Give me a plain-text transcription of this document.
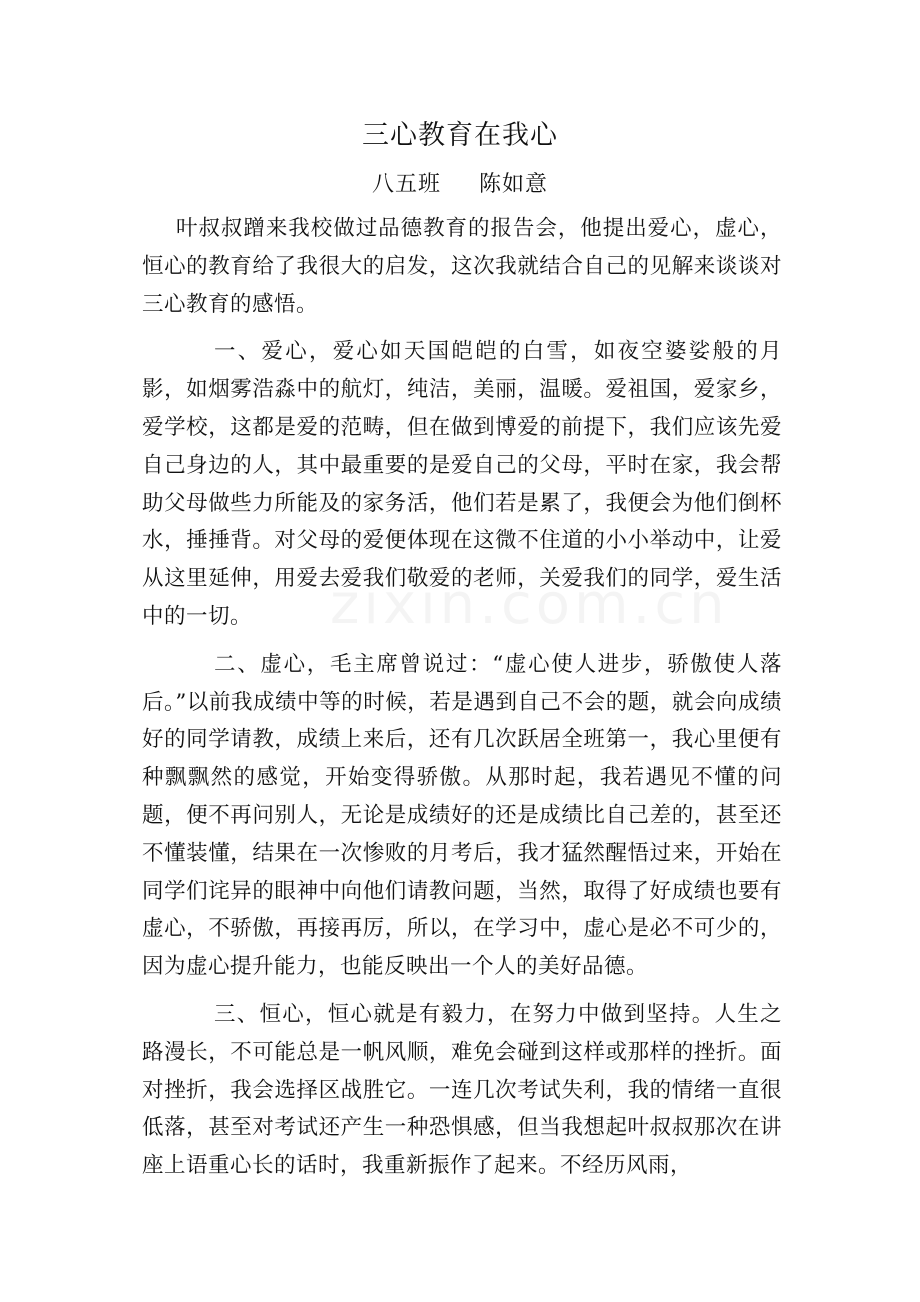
三心教育在我心
八五班 陈如意

叶叔叔蹭来我校做过品德教育的报告会，他提出爱心，虚心，恒心的教育给了我很大的启发，这次我就结合自己的见解来谈谈对三心教育的感悟。

一、爱心，爱心如天国皑皑的白雪，如夜空婆娑般的月影，如烟雾浩淼中的航灯，纯洁，美丽，温暖。爱祖国，爱家乡，爱学校，这都是爱的范畴，但在做到博爱的前提下，我们应该先爱自己身边的人，其中最重要的是爱自己的父母，平时在家，我会帮助父母做些力所能及的家务活，他们若是累了，我便会为他们倒杯水，捶捶背。对父母的爱便体现在这微不住道的小小举动中，让爱从这里延伸，用爱去爱我们敬爱的老师，关爱我们的同学，爱生活中的一切。

二、虚心，毛主席曾说过：“虚心使人进步，骄傲使人落后。”以前我成绩中等的时候，若是遇到自己不会的题，就会向成绩好的同学请教，成绩上来后，还有几次跃居全班第一，我心里便有种飘飘然的感觉，开始变得骄傲。从那时起，我若遇见不懂的问题，便不再问别人，无论是成绩好的还是成绩比自己差的，甚至还不懂装懂，结果在一次惨败的月考后，我才猛然醒悟过来，开始在同学们诧异的眼神中向他们请教问题，当然，取得了好成绩也要有虚心，不骄傲，再接再厉，所以，在学习中，虚心是必不可少的，因为虚心提升能力，也能反映出一个人的美好品德。

三、恒心，恒心就是有毅力，在努力中做到坚持。人生之路漫长，不可能总是一帆风顺，难免会碰到这样或那样的挫折。面对挫折，我会选择区战胜它。一连几次考试失利，我的情绪一直很低落，甚至对考试还产生一种恐惧感，但当我想起叶叔叔那次在讲座上语重心长的话时，我重新振作了起来。不经历风雨，
